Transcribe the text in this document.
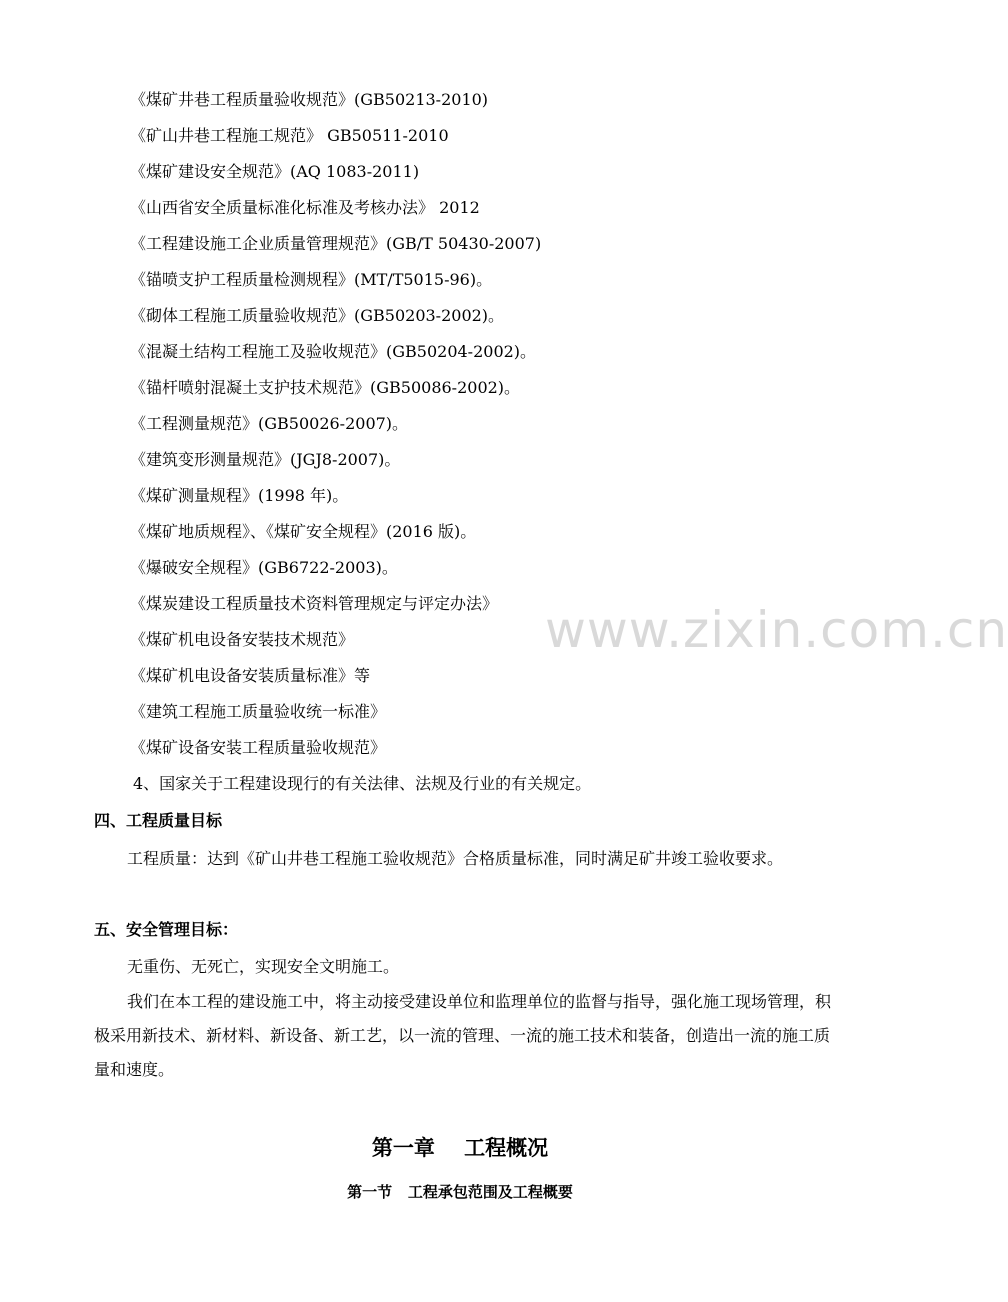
《煤矿井巷工程质量验收规范》(GB50213-2010)
《矿山井巷工程施工规范》 GB50511-2010
《煤矿建设安全规范》(AQ 1083-2011)
《山西省安全质量标准化标准及考核办法》 2012
《工程建设施工企业质量管理规范》(GB/T 50430-2007)
《锚喷支护工程质量检测规程》(MT/T5015-96)。
《砌体工程施工质量验收规范》(GB50203-2002)。
《混凝土结构工程施工及验收规范》(GB50204-2002)。
《锚杆喷射混凝土支护技术规范》(GB50086-2002)。
《工程测量规范》(GB50026-2007)。
《建筑变形测量规范》(JGJ8-2007)。
《煤矿测量规程》(1998 年)。
《煤矿地质规程》、《煤矿安全规程》(2016 版)。
《爆破安全规程》(GB6722-2003)。
《煤炭建设工程质量技术资料管理规定与评定办法》
《煤矿机电设备安装技术规范》
《煤矿机电设备安装质量标准》等
《建筑工程施工质量验收统一标准》
《煤矿设备安装工程质量验收规范》
4、国家关于工程建设现行的有关法律、法规及行业的有关规定。
四、工程质量目标
工程质量：达到《矿山井巷工程施工验收规范》合格质量标准，同时满足矿井竣工验收要求。
五、安全管理目标：
无重伤、无死亡，实现安全文明施工。
我们在本工程的建设施工中，将主动接受建设单位和监理单位的监督与指导，强化施工现场管理，积极采用新技术、新材料、新设备、新工艺，以一流的管理、一流的施工技术和装备，创造出一流的施工质量和速度。
第一章    工程概况
第一节   工程承包范围及工程概要
www.zixin.com.cn
